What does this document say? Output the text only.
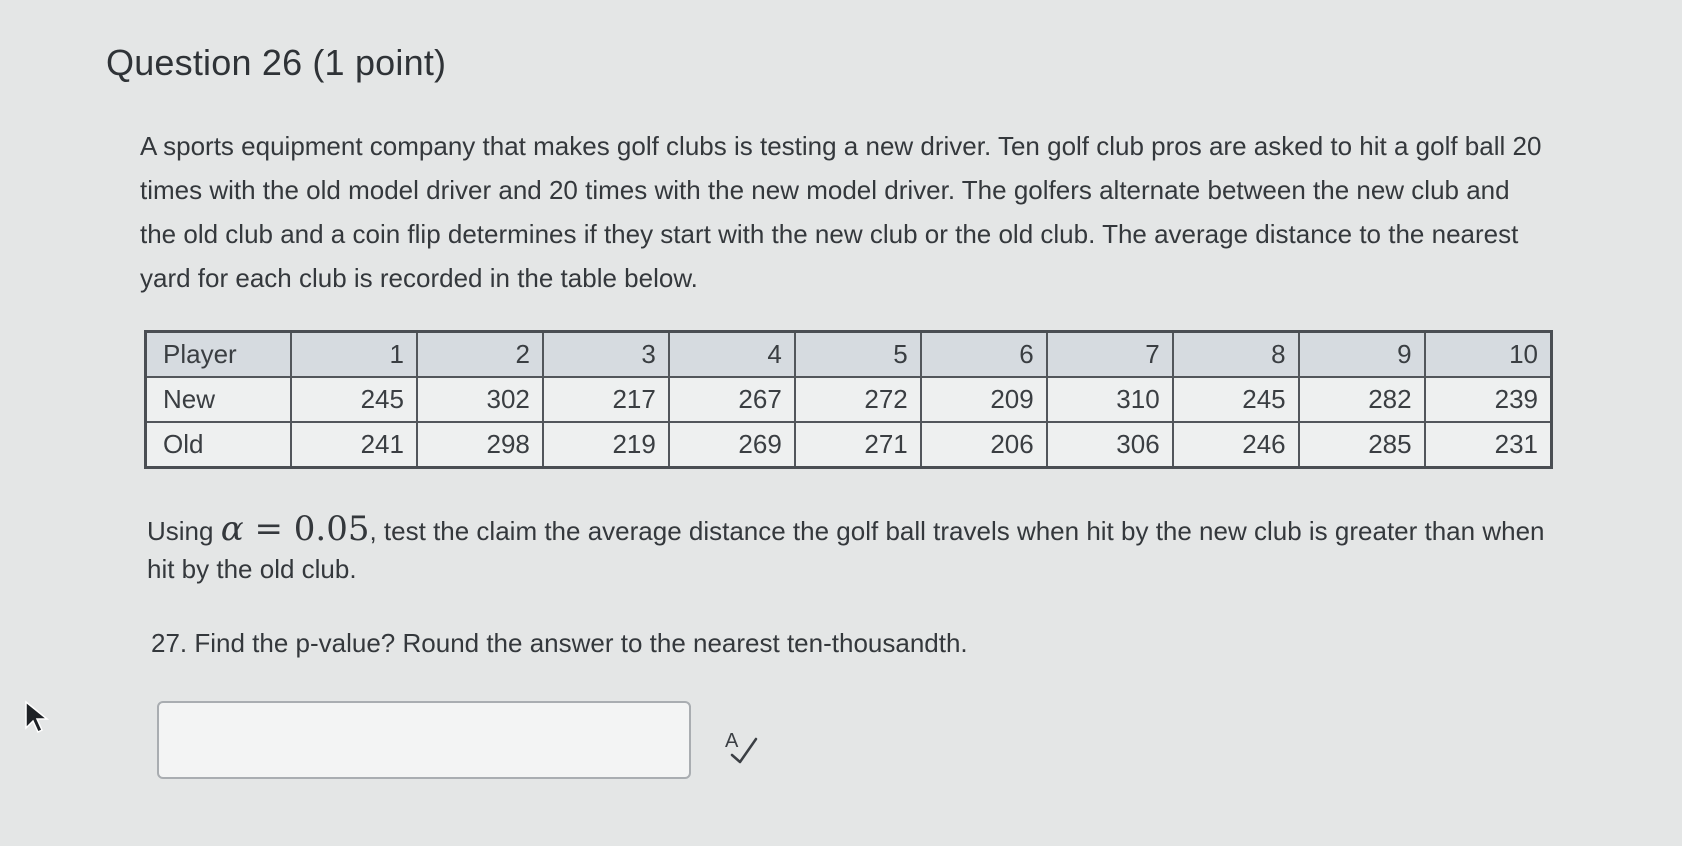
Question 26 (1 point)
A sports equipment company that makes golf clubs is testing a new driver. Ten golf club pros are asked to hit a golf ball 20 times with the old model driver and 20 times with the new model driver. The golfers alternate between the new club and the old club and a coin flip determines if they start with the new club or the old club. The average distance to the nearest yard for each club is recorded in the table below.
Player	1	2	3	4	5	6	7	8	9	10
New	245	302	217	267	272	209	310	245	282	239
Old	241	298	219	269	271	206	306	246	285	231
Using α = 0.05, test the claim the average distance the golf ball travels when hit by the new club is greater than when hit by the old club.
27. Find the p-value? Round the answer to the nearest ten-thousandth.
A
